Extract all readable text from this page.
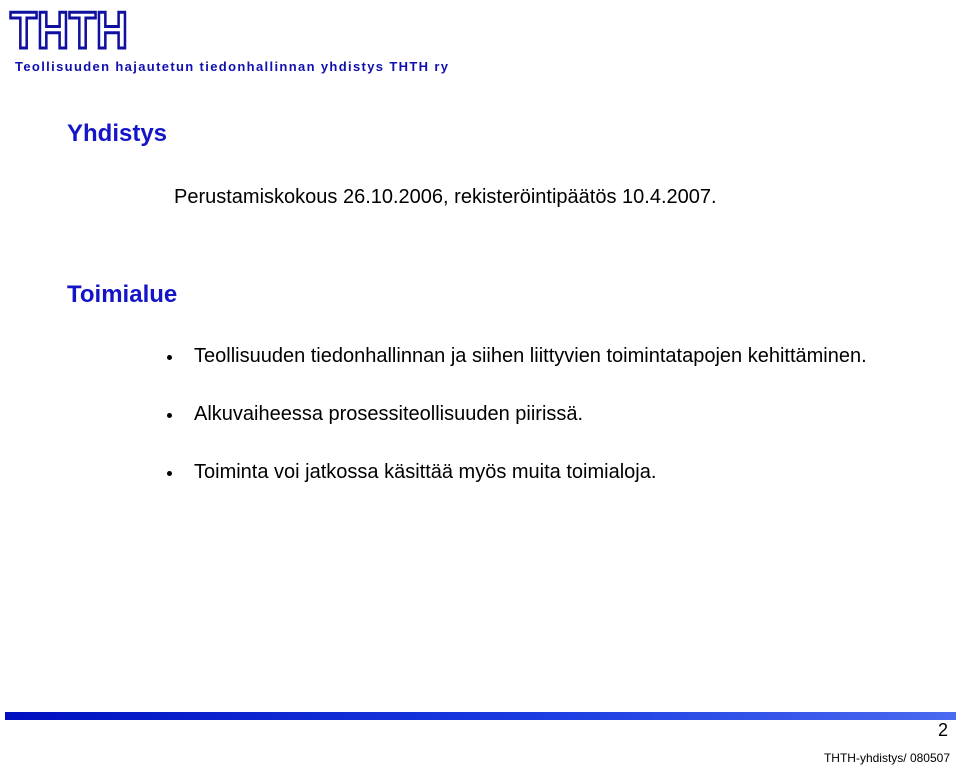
THTH
Teollisuuden hajautetun tiedonhallinnan yhdistys THTH ry
Yhdistys
Perustamiskokous 26.10.2006, rekisteröintipäätös 10.4.2007.
Toimialue
Teollisuuden tiedonhallinnan ja siihen liittyvien toimintatapojen kehittäminen.
Alkuvaiheessa prosessiteollisuuden piirissä.
Toiminta voi jatkossa käsittää myös muita toimialoja.
2
THTH-yhdistys/ 080507
